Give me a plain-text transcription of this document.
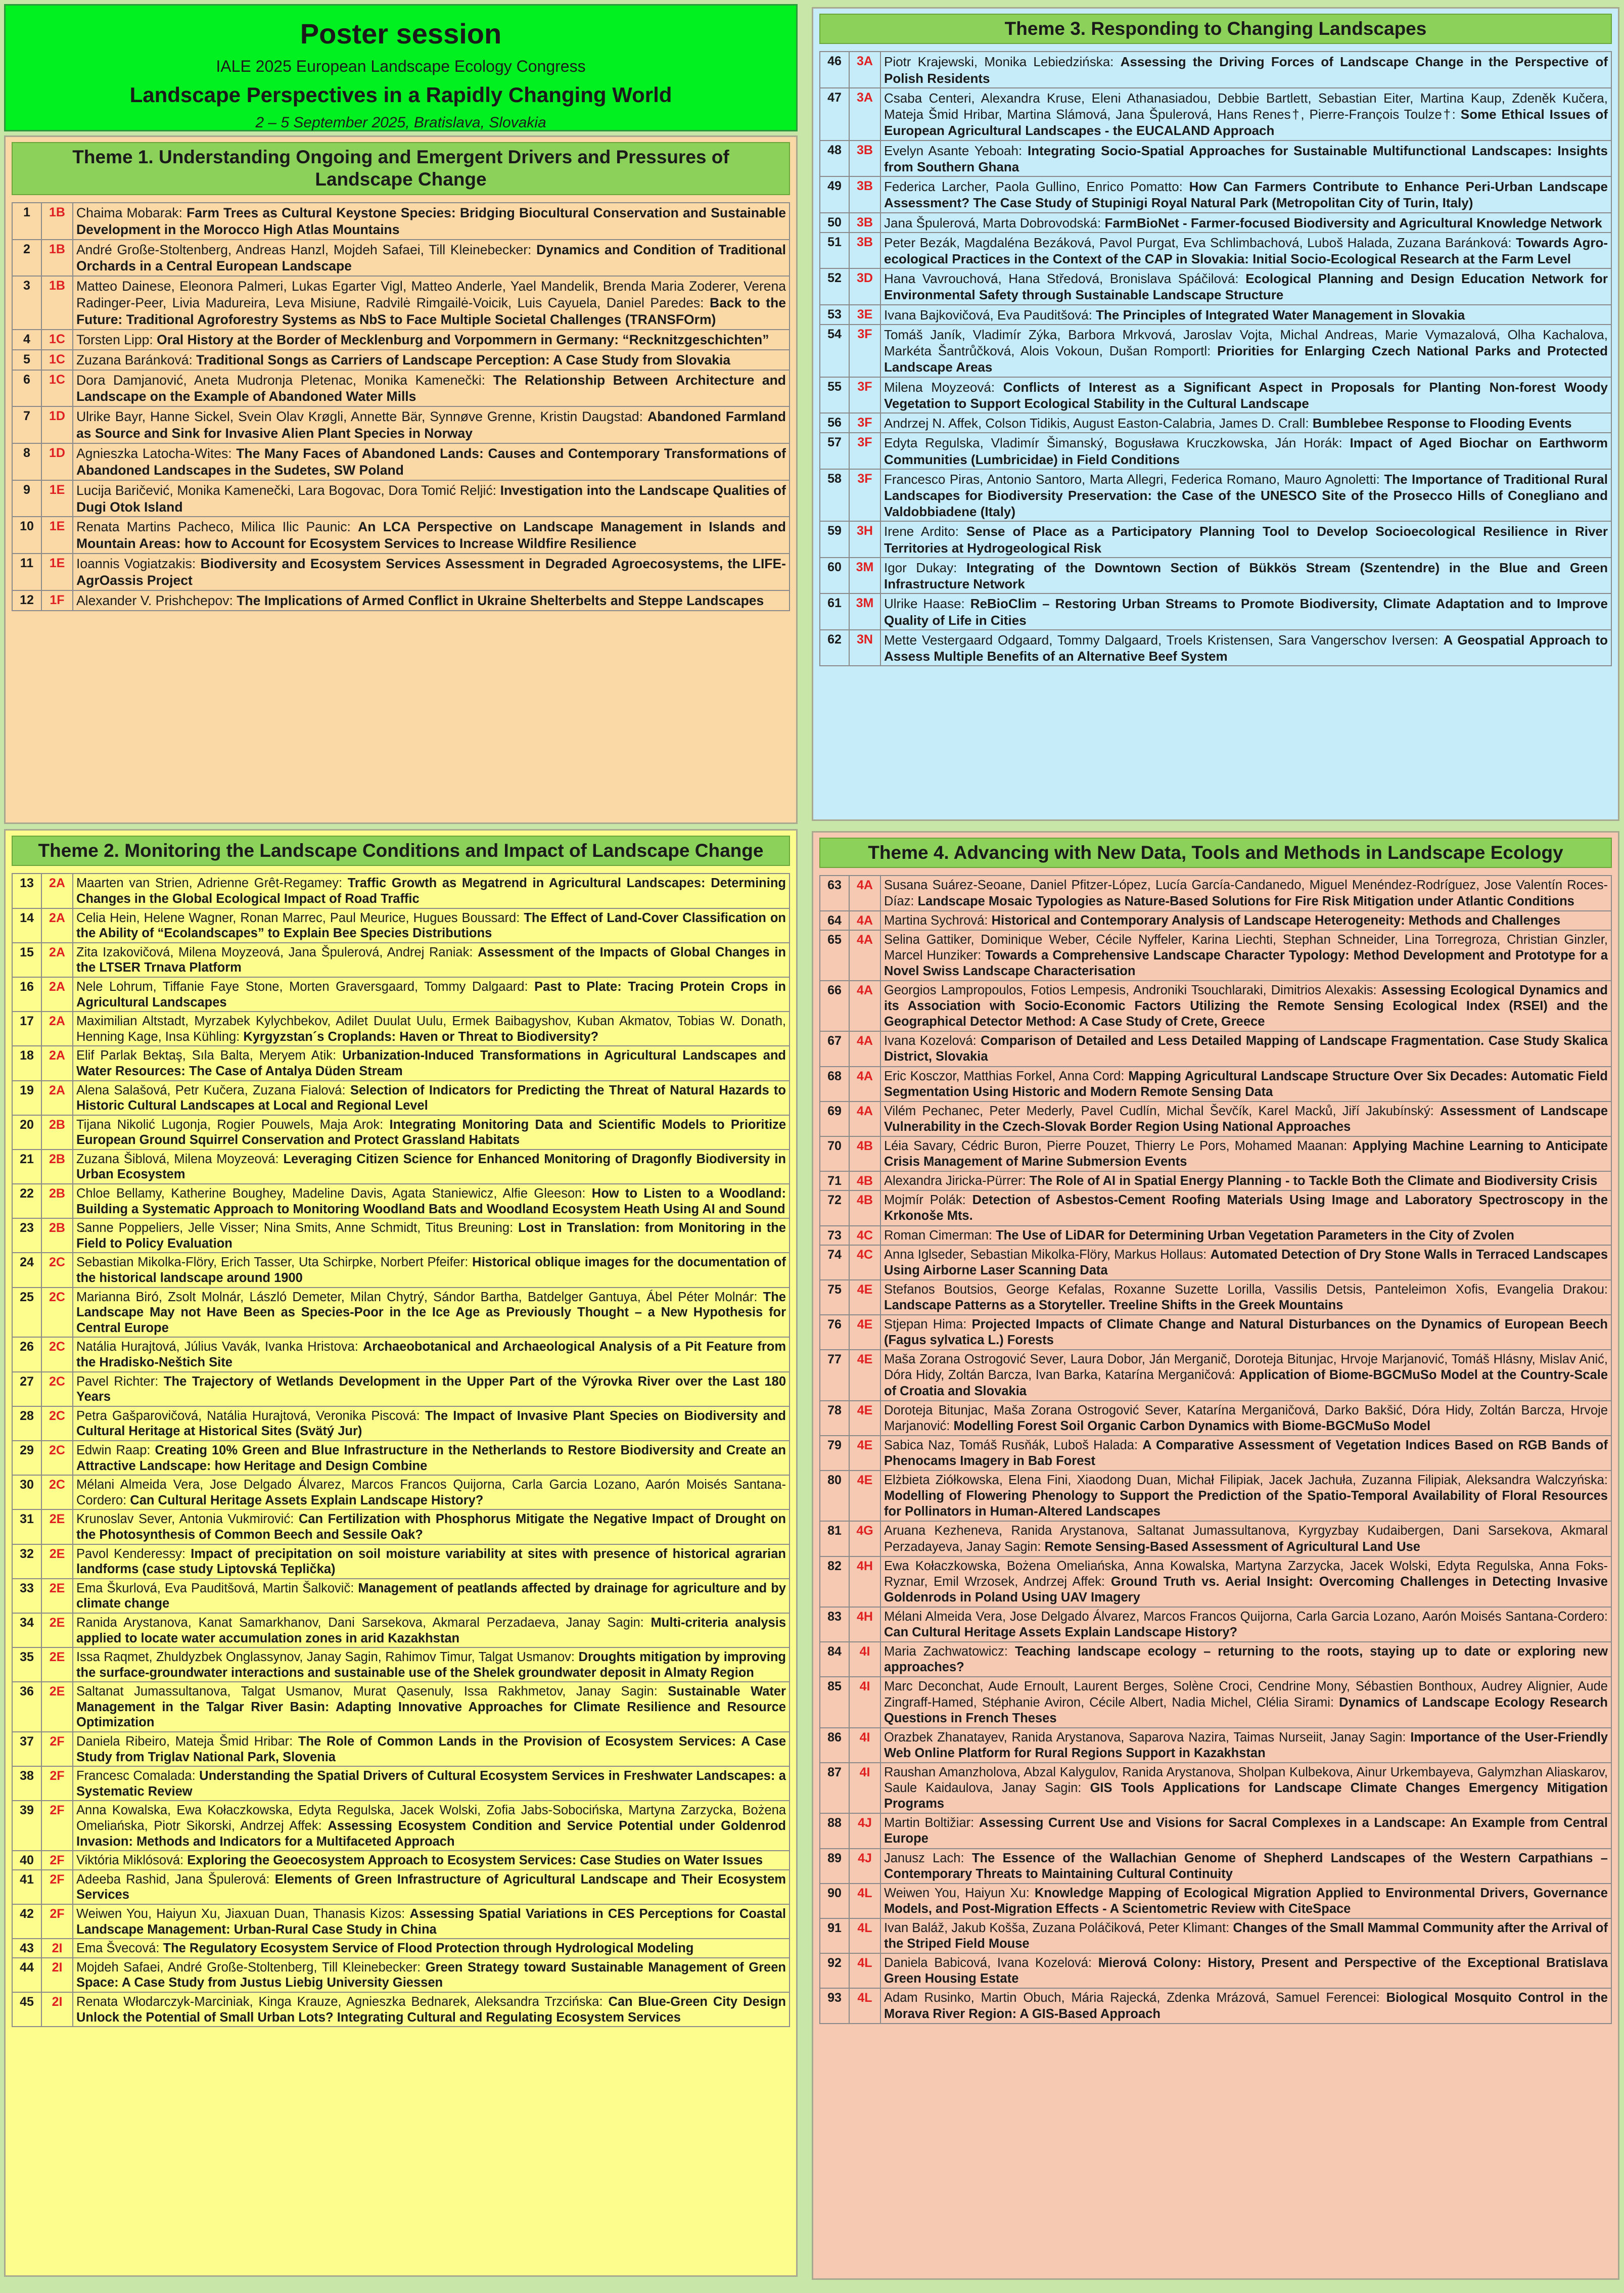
Poster session
IALE 2025 European Landscape Ecology Congress
Landscape Perspectives in a Rapidly Changing World
2 – 5 September 2025, Bratislava, Slovakia
Theme 1. Understanding Ongoing and Emergent Drivers and Pressures of Landscape Change
1	1B	Chaima Mobarak: Farm Trees as Cultural Keystone Species: Bridging Biocultural Conservation and Sustainable Development in the Morocco High Atlas Mountains
2	1B	André Große-Stoltenberg, Andreas Hanzl, Mojdeh Safaei, Till Kleinebecker: Dynamics and Condition of Traditional Orchards in a Central European Landscape
3	1B	Matteo Dainese, Eleonora Palmeri, Lukas Egarter Vigl, Matteo Anderle, Yael Mandelik, Brenda Maria Zoderer, Verena Radinger-Peer, Livia Madureira, Leva Misiune, Radvilė Rimgailė-Voicik, Luis Cayuela, Daniel Paredes: Back to the Future: Traditional Agroforestry Systems as NbS to Face Multiple Societal Challenges (TRANSFOrm)
4	1C	Torsten Lipp: Oral History at the Border of Mecklenburg and Vorpommern in Germany: “Recknitzgeschichten”
5	1C	Zuzana Baránková: Traditional Songs as Carriers of Landscape Perception: A Case Study from Slovakia
6	1C	Dora Damjanović, Aneta Mudronja Pletenac, Monika Kamenečki: The Relationship Between Architecture and Landscape on the Example of Abandoned Water Mills
7	1D	Ulrike Bayr, Hanne Sickel, Svein Olav Krøgli, Annette Bär, Synnøve Grenne, Kristin Daugstad: Abandoned Farmland as Source and Sink for Invasive Alien Plant Species in Norway
8	1D	Agnieszka Latocha-Wites: The Many Faces of Abandoned Lands: Causes and Contemporary Transformations of Abandoned Landscapes in the Sudetes, SW Poland
9	1E	Lucija Baričević, Monika Kamenečki, Lara Bogovac, Dora Tomić Reljić: Investigation into the Landscape Qualities of Dugi Otok Island
10	1E	Renata Martins Pacheco, Milica Ilic Paunic: An LCA Perspective on Landscape Management in Islands and Mountain Areas: how to Account for Ecosystem Services to Increase Wildfire Resilience
11	1E	Ioannis Vogiatzakis: Biodiversity and Ecosystem Services Assessment in Degraded Agroecosystems, the LIFE-AgrOassis Project
12	1F	Alexander V. Prishchepov: The Implications of Armed Conflict in Ukraine Shelterbelts and Steppe Landscapes
Theme 2. Monitoring the Landscape Conditions and Impact of Landscape Change
13	2A	Maarten van Strien, Adrienne Grêt-Regamey: Traffic Growth as Megatrend in Agricultural Landscapes: Determining Changes in the Global Ecological Impact of Road Traffic
14	2A	Celia Hein, Helene Wagner, Ronan Marrec, Paul Meurice, Hugues Boussard: The Effect of Land-Cover Classification on the Ability of “Ecolandscapes” to Explain Bee Species Distributions
15	2A	Zita Izakovičová, Milena Moyzeová, Jana Špulerová, Andrej Raniak: Assessment of the Impacts of Global Changes in the LTSER Trnava Platform
16	2A	Nele Lohrum, Tiffanie Faye Stone, Morten Graversgaard, Tommy Dalgaard: Past to Plate: Tracing Protein Crops in Agricultural Landscapes
17	2A	Maximilian Altstadt, Myrzabek Kylychbekov, Adilet Duulat Uulu, Ermek Baibagyshov, Kuban Akmatov, Tobias W. Donath, Henning Kage, Insa Kühling: Kyrgyzstan´s Croplands: Haven or Threat to Biodiversity?
18	2A	Elif Parlak Bektaş, Sıla Balta, Meryem Atik: Urbanization-Induced Transformations in Agricultural Landscapes and Water Resources: The Case of Antalya Düden Stream
19	2A	Alena Salašová, Petr Kučera, Zuzana Fialová: Selection of Indicators for Predicting the Threat of Natural Hazards to Historic Cultural Landscapes at Local and Regional Level
20	2B	Tijana Nikolić Lugonja, Rogier Pouwels, Maja Arok: Integrating Monitoring Data and Scientific Models to Prioritize European Ground Squirrel Conservation and Protect Grassland Habitats
21	2B	Zuzana Šiblová, Milena Moyzeová: Leveraging Citizen Science for Enhanced Monitoring of Dragonfly Biodiversity in Urban Ecosystem
22	2B	Chloe Bellamy, Katherine Boughey, Madeline Davis, Agata Staniewicz, Alfie Gleeson: How to Listen to a Woodland: Building a Systematic Approach to Monitoring Woodland Bats and Woodland Ecosystem Heath Using AI and Sound
23	2B	Sanne Poppeliers, Jelle Visser; Nina Smits, Anne Schmidt, Titus Breuning: Lost in Translation: from Monitoring in the Field to Policy Evaluation
24	2C	Sebastian Mikolka-Flöry, Erich Tasser, Uta Schirpke, Norbert Pfeifer: Historical oblique images for the documentation of the historical landscape around 1900
25	2C	Marianna Biró, Zsolt Molnár, László Demeter, Milan Chytrý, Sándor Bartha, Batdelger Gantuya, Ábel Péter Molnár: The Landscape May not Have Been as Species-Poor in the Ice Age as Previously Thought – a New Hypothesis for Central Europe
26	2C	Natália Hurajtová, Július Vavák, Ivanka Hristova: Archaeobotanical and Archaeological Analysis of a Pit Feature from the Hradisko-Neštich Site
27	2C	Pavel Richter: The Trajectory of Wetlands Development in the Upper Part of the Výrovka River over the Last 180 Years
28	2C	Petra Gašparovičová, Natália Hurajtová, Veronika Piscová: The Impact of Invasive Plant Species on Biodiversity and Cultural Heritage at Historical Sites (Svätý Jur)
29	2C	Edwin Raap: Creating 10% Green and Blue Infrastructure in the Netherlands to Restore Biodiversity and Create an Attractive Landscape: how Heritage and Design Combine
30	2C	Mélani Almeida Vera, Jose Delgado Álvarez, Marcos Francos Quijorna, Carla Garcia Lozano, Aarón Moisés Santana-Cordero: Can Cultural Heritage Assets Explain Landscape History?
31	2E	Krunoslav Sever, Antonia Vukmirović: Can Fertilization with Phosphorus Mitigate the Negative Impact of Drought on the Photosynthesis of Common Beech and Sessile Oak?
32	2E	Pavol Kenderessy: Impact of precipitation on soil moisture variability at sites with presence of historical agrarian landforms (case study Liptovská Teplička)
33	2E	Ema Škurlová, Eva Pauditšová, Martin Šalkovič: Management of peatlands affected by drainage for agriculture and by climate change
34	2E	Ranida Arystanova, Kanat Samarkhanov, Dani Sarsekova, Akmaral Perzadaeva, Janay Sagin: Multi-criteria analysis applied to locate water accumulation zones in arid Kazakhstan
35	2E	Issa Raqmet, Zhuldyzbek Onglassynov, Janay Sagin, Rahimov Timur, Talgat Usmanov: Droughts mitigation by improving the surface-groundwater interactions and sustainable use of the Shelek groundwater deposit in Almaty Region
36	2E	Saltanat Jumassultanova, Talgat Usmanov, Murat Qasenuly, Issa Rakhmetov, Janay Sagin: Sustainable Water Management in the Talgar River Basin: Adapting Innovative Approaches for Climate Resilience and Resource Optimization
37	2F	Daniela Ribeiro, Mateja Šmid Hribar: The Role of Common Lands in the Provision of Ecosystem Services: A Case Study from Triglav National Park, Slovenia
38	2F	Francesc Comalada: Understanding the Spatial Drivers of Cultural Ecosystem Services in Freshwater Landscapes: a Systematic Review
39	2F	Anna Kowalska, Ewa Kołaczkowska, Edyta Regulska, Jacek Wolski, Zofia Jabs-Sobocińska, Martyna Zarzycka, Bożena Omeliańska, Piotr Sikorski, Andrzej Affek: Assessing Ecosystem Condition and Service Potential under Goldenrod Invasion: Methods and Indicators for a Multifaceted Approach
40	2F	Viktória Miklósová: Exploring the Geoecosystem Approach to Ecosystem Services: Case Studies on Water Issues
41	2F	Adeeba Rashid, Jana Špulerová: Elements of Green Infrastructure of Agricultural Landscape and Their Ecosystem Services
42	2F	Weiwen You, Haiyun Xu, Jiaxuan Duan, Thanasis Kizos: Assessing Spatial Variations in CES Perceptions for Coastal Landscape Management: Urban-Rural Case Study in China
43	2I	Ema Švecová: The Regulatory Ecosystem Service of Flood Protection through Hydrological Modeling
44	2I	Mojdeh Safaei, André Große-Stoltenberg, Till Kleinebecker: Green Strategy toward Sustainable Management of Green Space: A Case Study from Justus Liebig University Giessen
45	2I	Renata Włodarczyk-Marciniak, Kinga Krauze, Agnieszka Bednarek, Aleksandra Trzcińska: Can Blue-Green City Design Unlock the Potential of Small Urban Lots? Integrating Cultural and Regulating Ecosystem Services
Theme 3. Responding to Changing Landscapes
46	3A	Piotr Krajewski, Monika Lebiedzińska: Assessing the Driving Forces of Landscape Change in the Perspective of Polish Residents
47	3A	Csaba Centeri, Alexandra Kruse, Eleni Athanasiadou, Debbie Bartlett, Sebastian Eiter, Martina Kaup, Zdeněk Kučera, Mateja Šmid Hribar, Martina Slámová, Jana Špulerová, Hans Renes†, Pierre-François Toulze†: Some Ethical Issues of European Agricultural Landscapes - the EUCALAND Approach
48	3B	Evelyn Asante Yeboah: Integrating Socio-Spatial Approaches for Sustainable Multifunctional Landscapes: Insights from Southern Ghana
49	3B	Federica Larcher, Paola Gullino, Enrico Pomatto: How Can Farmers Contribute to Enhance Peri-Urban Landscape Assessment? The Case Study of Stupinigi Royal Natural Park (Metropolitan City of Turin, Italy)
50	3B	Jana Špulerová, Marta Dobrovodská: FarmBioNet - Farmer-focused Biodiversity and Agricultural Knowledge Network
51	3B	Peter Bezák, Magdaléna Bezáková, Pavol Purgat, Eva Schlimbachová, Luboš Halada, Zuzana Baránková: Towards Agro-ecological Practices in the Context of the CAP in Slovakia: Initial Socio-Ecological Research at the Farm Level
52	3D	Hana Vavrouchová, Hana Středová, Bronislava Spáčilová: Ecological Planning and Design Education Network for Environmental Safety through Sustainable Landscape Structure
53	3E	Ivana Bajkovičová, Eva Pauditšová: The Principles of Integrated Water Management in Slovakia
54	3F	Tomáš Janík, Vladimír Zýka, Barbora Mrkvová, Jaroslav Vojta, Michal Andreas, Marie Vymazalová, Olha Kachalova, Markéta Šantrůčková, Alois Vokoun, Dušan Romportl: Priorities for Enlarging Czech National Parks and Protected Landscape Areas
55	3F	Milena Moyzeová: Conflicts of Interest as a Significant Aspect in Proposals for Planting Non-forest Woody Vegetation to Support Ecological Stability in the Cultural Landscape
56	3F	Andrzej N. Affek, Colson Tidikis, August Easton-Calabria, James D. Crall: Bumblebee Response to Flooding Events
57	3F	Edyta Regulska, Vladimír Šimanský, Bogusława Kruczkowska, Ján Horák: Impact of Aged Biochar on Earthworm Communities (Lumbricidae) in Field Conditions
58	3F	Francesco Piras, Antonio Santoro, Marta Allegri, Federica Romano, Mauro Agnoletti: The Importance of Traditional Rural Landscapes for Biodiversity Preservation: the Case of the UNESCO Site of the Prosecco Hills of Conegliano and Valdobbiadene (Italy)
59	3H	Irene Ardito: Sense of Place as a Participatory Planning Tool to Develop Socioecological Resilience in River Territories at Hydrogeological Risk
60	3M	Igor Dukay: Integrating of the Downtown Section of Bükkös Stream (Szentendre) in the Blue and Green Infrastructure Network
61	3M	Ulrike Haase: ReBioClim – Restoring Urban Streams to Promote Biodiversity, Climate Adaptation and to Improve Quality of Life in Cities
62	3N	Mette Vestergaard Odgaard, Tommy Dalgaard, Troels Kristensen, Sara Vangerschov Iversen: A Geospatial Approach to Assess Multiple Benefits of an Alternative Beef System
Theme 4. Advancing with New Data, Tools and Methods in Landscape Ecology
63	4A	Susana Suárez-Seoane, Daniel Pfitzer-López, Lucía García-Candanedo, Miguel Menéndez-Rodríguez, Jose Valentín Roces-Díaz: Landscape Mosaic Typologies as Nature-Based Solutions for Fire Risk Mitigation under Atlantic Conditions
64	4A	Martina Sychrová: Historical and Contemporary Analysis of Landscape Heterogeneity: Methods and Challenges
65	4A	Selina Gattiker, Dominique Weber, Cécile Nyffeler, Karina Liechti, Stephan Schneider, Lina Torregroza, Christian Ginzler, Marcel Hunziker: Towards a Comprehensive Landscape Character Typology: Method Development and Prototype for a Novel Swiss Landscape Characterisation
66	4A	Georgios Lampropoulos, Fotios Lempesis, Androniki Tsouchlaraki, Dimitrios Alexakis: Assessing Ecological Dynamics and its Association with Socio-Economic Factors Utilizing the Remote Sensing Ecological Index (RSEI) and the Geographical Detector Method: A Case Study of Crete, Greece
67	4A	Ivana Kozelová: Comparison of Detailed and Less Detailed Mapping of Landscape Fragmentation. Case Study Skalica District, Slovakia
68	4A	Eric Kosczor, Matthias Forkel, Anna Cord: Mapping Agricultural Landscape Structure Over Six Decades: Automatic Field Segmentation Using Historic and Modern Remote Sensing Data
69	4A	Vilém Pechanec, Peter Mederly, Pavel Cudlín, Michal Ševčík, Karel Macků, Jiří Jakubínský: Assessment of Landscape Vulnerability in the Czech-Slovak Border Region Using National Approaches
70	4B	Léia Savary, Cédric Buron, Pierre Pouzet, Thierry Le Pors, Mohamed Maanan: Applying Machine Learning to Anticipate Crisis Management of Marine Submersion Events
71	4B	Alexandra Jiricka-Pürrer: The Role of AI in Spatial Energy Planning - to Tackle Both the Climate and Biodiversity Crisis
72	4B	Mojmír Polák: Detection of Asbestos-Cement Roofing Materials Using Image and Laboratory Spectroscopy in the Krkonoše Mts.
73	4C	Roman Cimerman: The Use of LiDAR for Determining Urban Vegetation Parameters in the City of Zvolen
74	4C	Anna Iglseder, Sebastian Mikolka-Flöry, Markus Hollaus: Automated Detection of Dry Stone Walls in Terraced Landscapes Using Airborne Laser Scanning Data
75	4E	Stefanos Boutsios, George Kefalas, Roxanne Suzette Lorilla, Vassilis Detsis, Panteleimon Xofis, Evangelia Drakou: Landscape Patterns as a Storyteller. Treeline Shifts in the Greek Mountains
76	4E	Stjepan Hima: Projected Impacts of Climate Change and Natural Disturbances on the Dynamics of European Beech (Fagus sylvatica L.) Forests
77	4E	Maša Zorana Ostrogović Sever, Laura Dobor, Ján Merganič, Doroteja Bitunjac, Hrvoje Marjanović, Tomáš Hlásny, Mislav Anić, Dóra Hidy, Zoltán Barcza, Ivan Barka, Katarína Merganičová: Application of Biome-BGCMuSo Model at the Country-Scale of Croatia and Slovakia
78	4E	Doroteja Bitunjac, Maša Zorana Ostrogović Sever, Katarína Merganičová, Darko Bakšić, Dóra Hidy, Zoltán Barcza, Hrvoje Marjanović: Modelling Forest Soil Organic Carbon Dynamics with Biome-BGCMuSo Model
79	4E	Sabica Naz, Tomáš Rusňák, Luboš Halada: A Comparative Assessment of Vegetation Indices Based on RGB Bands of Phenocams Imagery in Bab Forest
80	4E	Elżbieta Ziółkowska, Elena Fini, Xiaodong Duan, Michał Filipiak, Jacek Jachuła, Zuzanna Filipiak, Aleksandra Walczyńska: Modelling of Flowering Phenology to Support the Prediction of the Spatio-Temporal Availability of Floral Resources for Pollinators in Human-Altered Landscapes
81	4G	Aruana Kezheneva, Ranida Arystanova, Saltanat Jumassultanova, Kyrgyzbay Kudaibergen, Dani Sarsekova, Akmaral Perzadayeva, Janay Sagin: Remote Sensing-Based Assessment of Agricultural Land Use
82	4H	Ewa Kołaczkowska, Bożena Omeliańska, Anna Kowalska, Martyna Zarzycka, Jacek Wolski, Edyta Regulska, Anna Foks-Ryznar, Emil Wrzosek, Andrzej Affek: Ground Truth vs. Aerial Insight: Overcoming Challenges in Detecting Invasive Goldenrods in Poland Using UAV Imagery
83	4H	Mélani Almeida Vera, Jose Delgado Álvarez, Marcos Francos Quijorna, Carla Garcia Lozano, Aarón Moisés Santana-Cordero: Can Cultural Heritage Assets Explain Landscape History?
84	4I	Maria Zachwatowicz: Teaching landscape ecology – returning to the roots, staying up to date or exploring new approaches?
85	4I	Marc Deconchat, Aude Ernoult, Laurent Berges, Solène Croci, Cendrine Mony, Sébastien Bonthoux, Audrey Alignier, Aude Zingraff-Hamed, Stéphanie Aviron, Cécile Albert, Nadia Michel, Clélia Sirami: Dynamics of Landscape Ecology Research Questions in French Theses
86	4I	Orazbek Zhanatayev, Ranida Arystanova, Saparova Nazira, Taimas Nurseiit, Janay Sagin: Importance of the User-Friendly Web Online Platform for Rural Regions Support in Kazakhstan
87	4I	Raushan Amanzholova, Abzal Kalygulov, Ranida Arystanova, Sholpan Kulbekova, Ainur Urkembayeva, Galymzhan Aliaskarov, Saule Kaidaulova, Janay Sagin: GIS Tools Applications for Landscape Climate Changes Emergency Mitigation Programs
88	4J	Martin Boltižiar: Assessing Current Use and Visions for Sacral Complexes in a Landscape: An Example from Central Europe
89	4J	Janusz Lach: The Essence of the Wallachian Genome of Shepherd Landscapes of the Western Carpathians – Contemporary Threats to Maintaining Cultural Continuity
90	4L	Weiwen You, Haiyun Xu: Knowledge Mapping of Ecological Migration Applied to Environmental Drivers, Governance Models, and Post-Migration Effects - A Scientometric Review with CiteSpace
91	4L	Ivan Baláž, Jakub Koššа, Zuzana Poláčiková, Peter Klimant: Changes of the Small Mammal Community after the Arrival of the Striped Field Mouse
92	4L	Daniela Babicová, Ivana Kozelová: Mierová Colony: History, Present and Perspective of the Exceptional Bratislava Green Housing Estate
93	4L	Adam Rusinko, Martin Obuch, Mária Rajecká, Zdenka Mrázová, Samuel Ferencei: Biological Mosquito Control in the Morava River Region: A GIS-Based Approach
